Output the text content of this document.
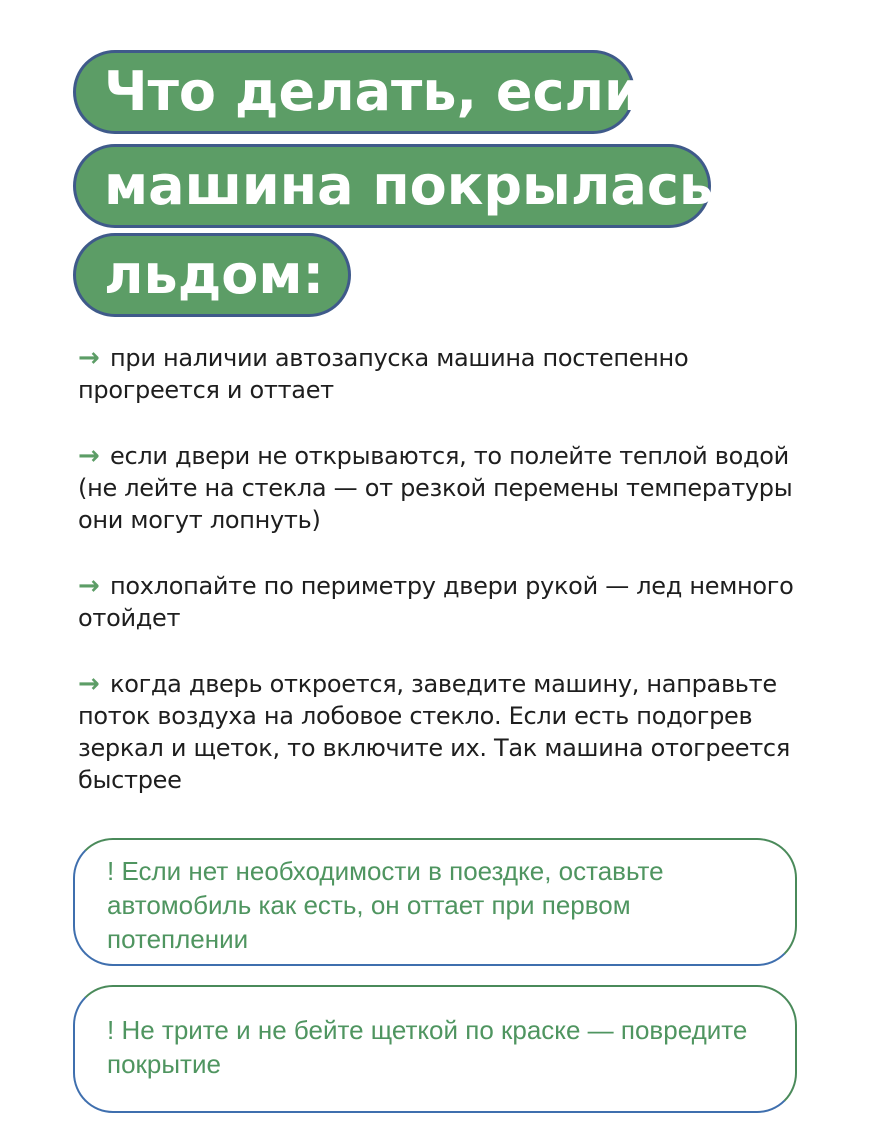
Что делать, если
машина покрылась
льдом:
→ при наличии автозапуска машина постепенно прогреется и оттает
→ если двери не открываются, то полейте теплой водой (не лейте на стекла — от резкой перемены температуры они могут лопнуть)
→ похлопайте по периметру двери рукой — лед немного отойдет
→ когда дверь откроется, заведите машину, направьте поток воздуха на лобовое стекло. Если есть подогрев зеркал и щеток, то включите их. Так машина отогреется быстрее
! Если нет необходимости в поездке, оставьте автомобиль как есть, он оттает при первом потеплении
! Не трите и не бейте щеткой по краске — повредите покрытие
